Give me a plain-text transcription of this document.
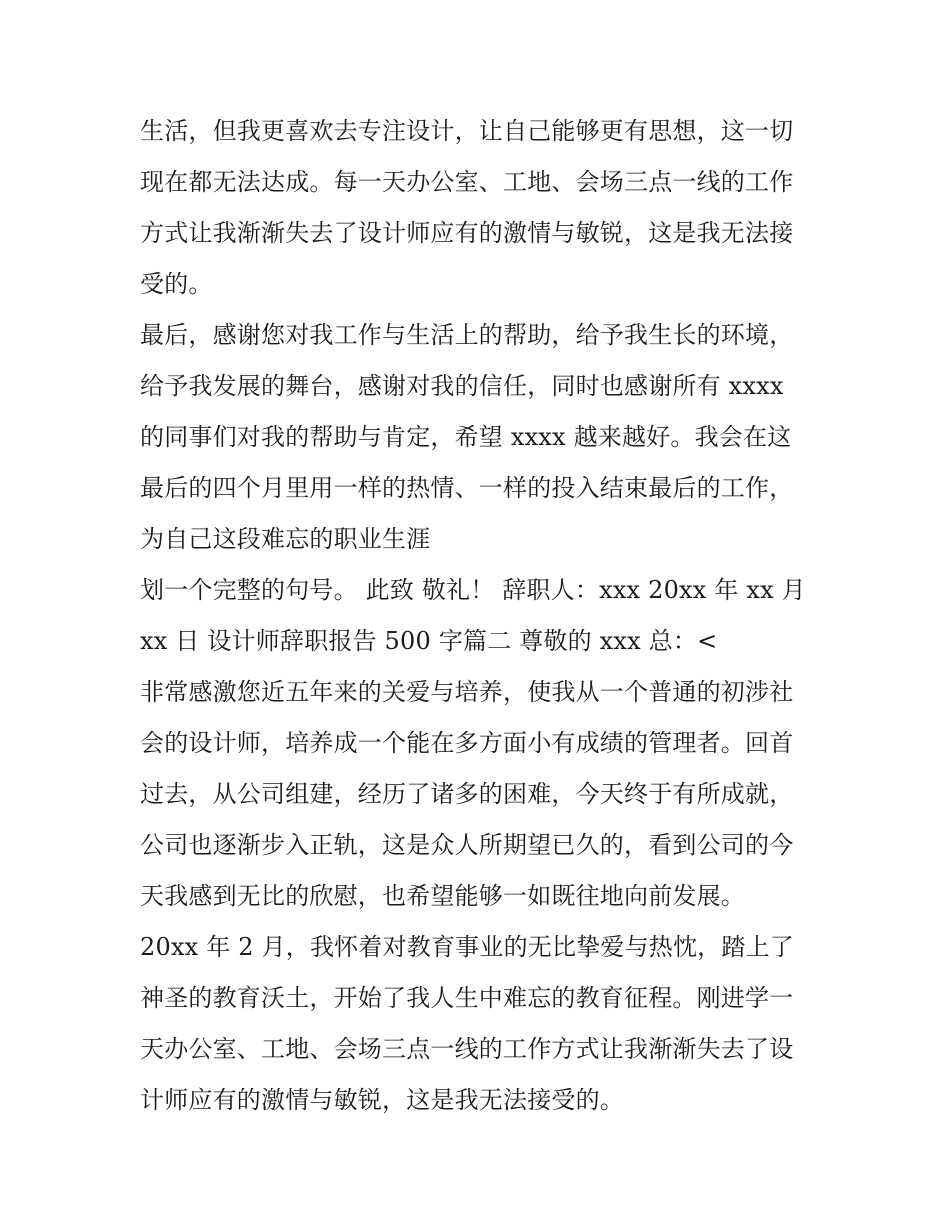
生活，但我更喜欢去专注设计，让自己能够更有思想，这一切
现在都无法达成。每一天办公室、工地、会场三点一线的工作
方式让我渐渐失去了设计师应有的激情与敏锐，这是我无法接
受的。
最后，感谢您对我工作与生活上的帮助，给予我生长的环境，
给予我发展的舞台，感谢对我的信任，同时也感谢所有 xxxx
的同事们对我的帮助与肯定，希望 xxxx 越来越好。我会在这
最后的四个月里用一样的热情、一样的投入结束最后的工作，
为自己这段难忘的职业生涯
划一个完整的句号。 此致 敬礼！ 辞职人：xxx 20xx 年 xx 月
xx 日 设计师辞职报告 500 字篇二 尊敬的 xxx 总：<
非常感激您近五年来的关爱与培养，使我从一个普通的初涉社
会的设计师，培养成一个能在多方面小有成绩的管理者。回首
过去，从公司组建，经历了诸多的困难，今天终于有所成就，
公司也逐渐步入正轨，这是众人所期望已久的，看到公司的今
天我感到无比的欣慰，也希望能够一如既往地向前发展。
20xx 年 2 月，我怀着对教育事业的无比挚爱与热忱，踏上了
神圣的教育沃土，开始了我人生中难忘的教育征程。刚进学一
天办公室、工地、会场三点一线的工作方式让我渐渐失去了设
计师应有的激情与敏锐，这是我无法接受的。
